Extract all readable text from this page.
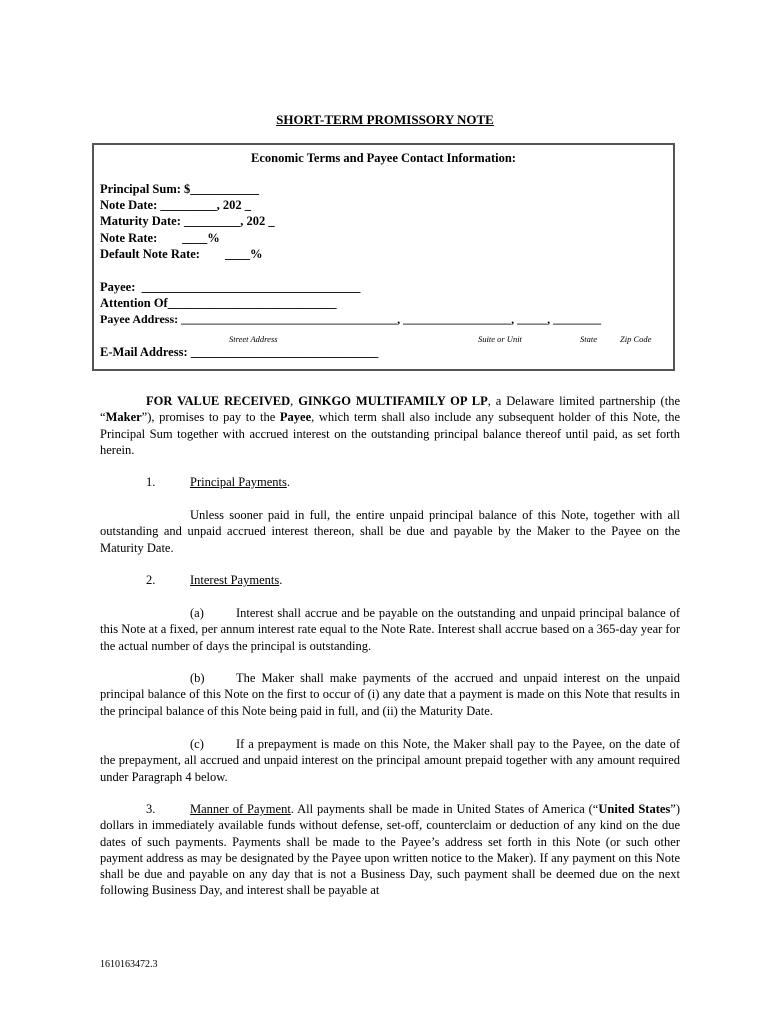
SHORT-TERM PROMISSORY NOTE
Economic Terms and Payee Contact Information:
Principal Sum: $___________
Note Date: _________, 202 _
Maturity Date: _________, 202 _
Note Rate:        ____%
Default Note Rate:        ____%
Payee:  ___________________________________
Attention Of___________________________
Payee Address: ____________________________________, __________________, _____, ________
Street Address	Suite or Unit	State	Zip Code
E-Mail Address: ______________________________
FOR VALUE RECEIVED, GINKGO MULTIFAMILY OP LP, a Delaware limited partnership (the “Maker”), promises to pay to the Payee, which term shall also include any subsequent holder of this Note, the Principal Sum together with accrued interest on the outstanding principal balance thereof until paid, as set forth herein.
1.	Principal Payments.
Unless sooner paid in full, the entire unpaid principal balance of this Note, together with all outstanding and unpaid accrued interest thereon, shall be due and payable by the Maker to the Payee on the Maturity Date.
2.	Interest Payments.
(a)	Interest shall accrue and be payable on the outstanding and unpaid principal balance of this Note at a fixed, per annum interest rate equal to the Note Rate. Interest shall accrue based on a 365-day year for the actual number of days the principal is outstanding.
(b)	The Maker shall make payments of the accrued and unpaid interest on the unpaid principal balance of this Note on the first to occur of (i) any date that a payment is made on this Note that results in the principal balance of this Note being paid in full, and (ii) the Maturity Date.
(c)	If a prepayment is made on this Note, the Maker shall pay to the Payee, on the date of the prepayment, all accrued and unpaid interest on the principal amount prepaid together with any amount required under Paragraph 4 below.
3.	Manner of Payment. All payments shall be made in United States of America (“United States”) dollars in immediately available funds without defense, set-off, counterclaim or deduction of any kind on the due dates of such payments. Payments shall be made to the Payee’s address set forth in this Note (or such other payment address as may be designated by the Payee upon written notice to the Maker). If any payment on this Note shall be due and payable on any day that is not a Business Day, such payment shall be deemed due on the next following Business Day, and interest shall be payable at
1610163472.3
